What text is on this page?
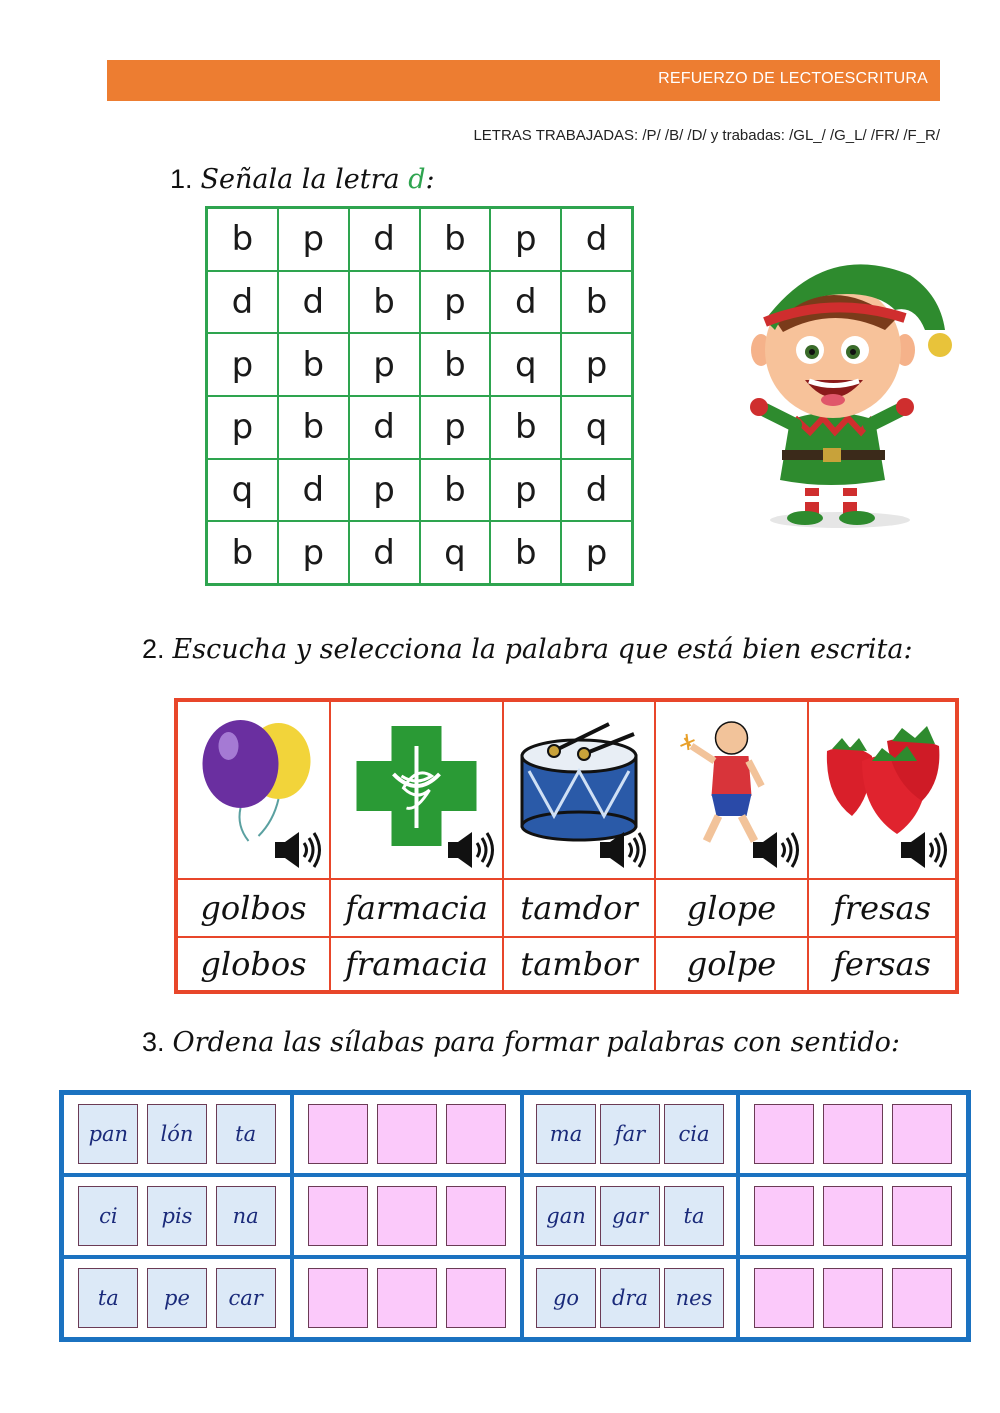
REFUERZO DE LECTOESCRITURA
LETRAS TRABAJADAS: /P/ /B/ /D/ y trabadas: /GL_/ /G_L/ /FR/ /F_R/
1. Señala la letra d:
b	p	d	b	p	d
d	d	b	p	d	b
p	b	p	b	q	p
p	b	d	p	b	q
q	d	p	b	p	d
b	p	d	q	b	p
2. Escucha y selecciona la palabra que está bien escrita:
golbos	farmacia	tamdor	glope	fresas
globos	framacia	tambor	golpe	fersas
3. Ordena las sílabas para formar palabras con sentido:
pan	lón	ta	ma	far	cia
ci	pis	na	gan	gar	ta
ta	pe	car	go	dra	nes
